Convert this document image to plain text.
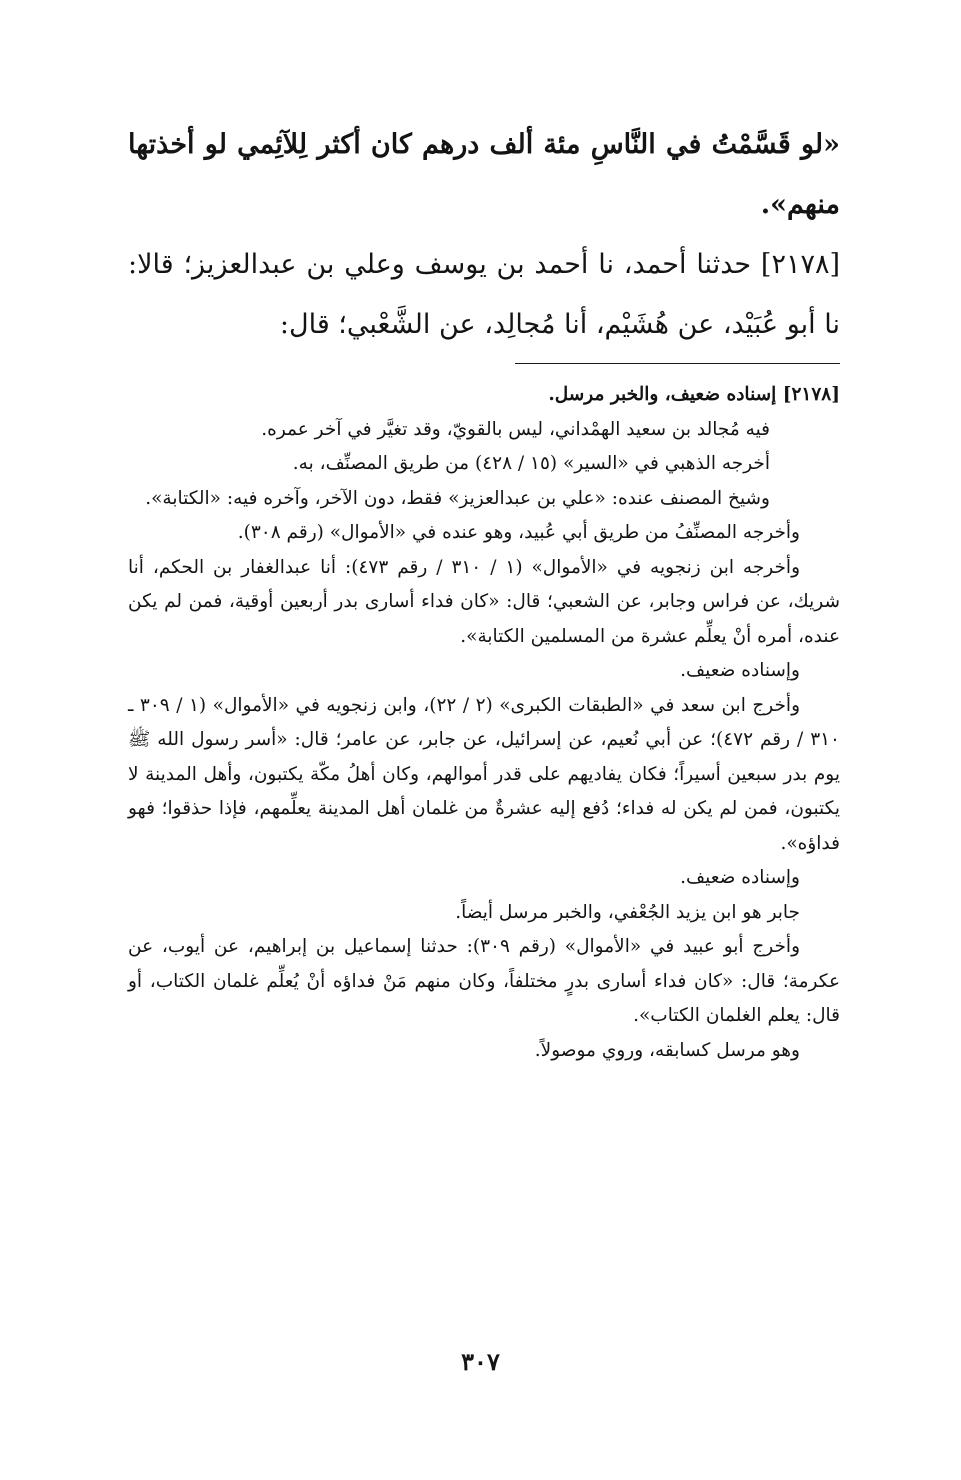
«لو قَسَّمْتُ في النَّاسِ مئة ألف درهم كان أكثر لِلآئِمي لو أخذتها منهم».

[٢١٧٨] حدثنا أحمد، نا أحمد بن يوسف وعلي بن عبدالعزيز؛ قالا: نا أبو عُبَيْد، عن هُشَيْم، أنا مُجالِد، عن الشَّعْبي؛ قال:

[٢١٧٨] إسناده ضعيف، والخبر مرسل.

فيه مُجالد بن سعيد الهمْداني، ليس بالقويّ، وقد تغيَّر في آخر عمره.

أخرجه الذهبي في «السير» (١٥ / ٤٢٨) من طريق المصنِّف، به.

وشيخ المصنف عنده: «علي بن عبدالعزيز» فقط، دون الآخر، وآخره فيه: «الكتابة».

وأخرجه المصنِّفُ من طريق أبي عُبيد، وهو عنده في «الأموال» (رقم ٣٠٨).

وأخرجه ابن زنجويه في «الأموال» (١ / ٣١٠ / رقم ٤٧٣): أنا عبدالغفار بن الحكم، أنا شريك، عن فراس وجابر، عن الشعبي؛ قال: «كان فداء أسارى بدر أربعين أوقية، فمن لم يكن عنده، أمره أنْ يعلِّم عشرة من المسلمين الكتابة».

وإسناده ضعيف.

وأخرج ابن سعد في «الطبقات الكبرى» (٢ / ٢٢)، وابن زنجويه في «الأموال» (١ / ٣٠٩ ـ ٣١٠ / رقم ٤٧٢)؛ عن أبي نُعيم، عن إسرائيل، عن جابر، عن عامر؛ قال: «أسر رسول الله ﷺ يوم بدر سبعين أسيراً؛ فكان يفاديهم على قدر أموالهم، وكان أهلُ مكّة يكتبون، وأهل المدينة لا يكتبون، فمن لم يكن له فداء؛ دُفع إليه عشرةٌ من غلمان أهل المدينة يعلِّمهم، فإذا حذقوا؛ فهو فداؤه».

وإسناده ضعيف.

جابر هو ابن يزيد الجُعْفي، والخبر مرسل أيضاً.

وأخرج أبو عبيد في «الأموال» (رقم ٣٠٩): حدثنا إسماعيل بن إبراهيم، عن أيوب، عن عكرمة؛ قال: «كان فداء أسارى بدرٍ مختلفاً، وكان منهم مَنْ فداؤه أنْ يُعلِّم غلمان الكتاب، أو قال: يعلم الغلمان الكتاب».

وهو مرسل كسابقه، وروي موصولاً.

٣٠٧
